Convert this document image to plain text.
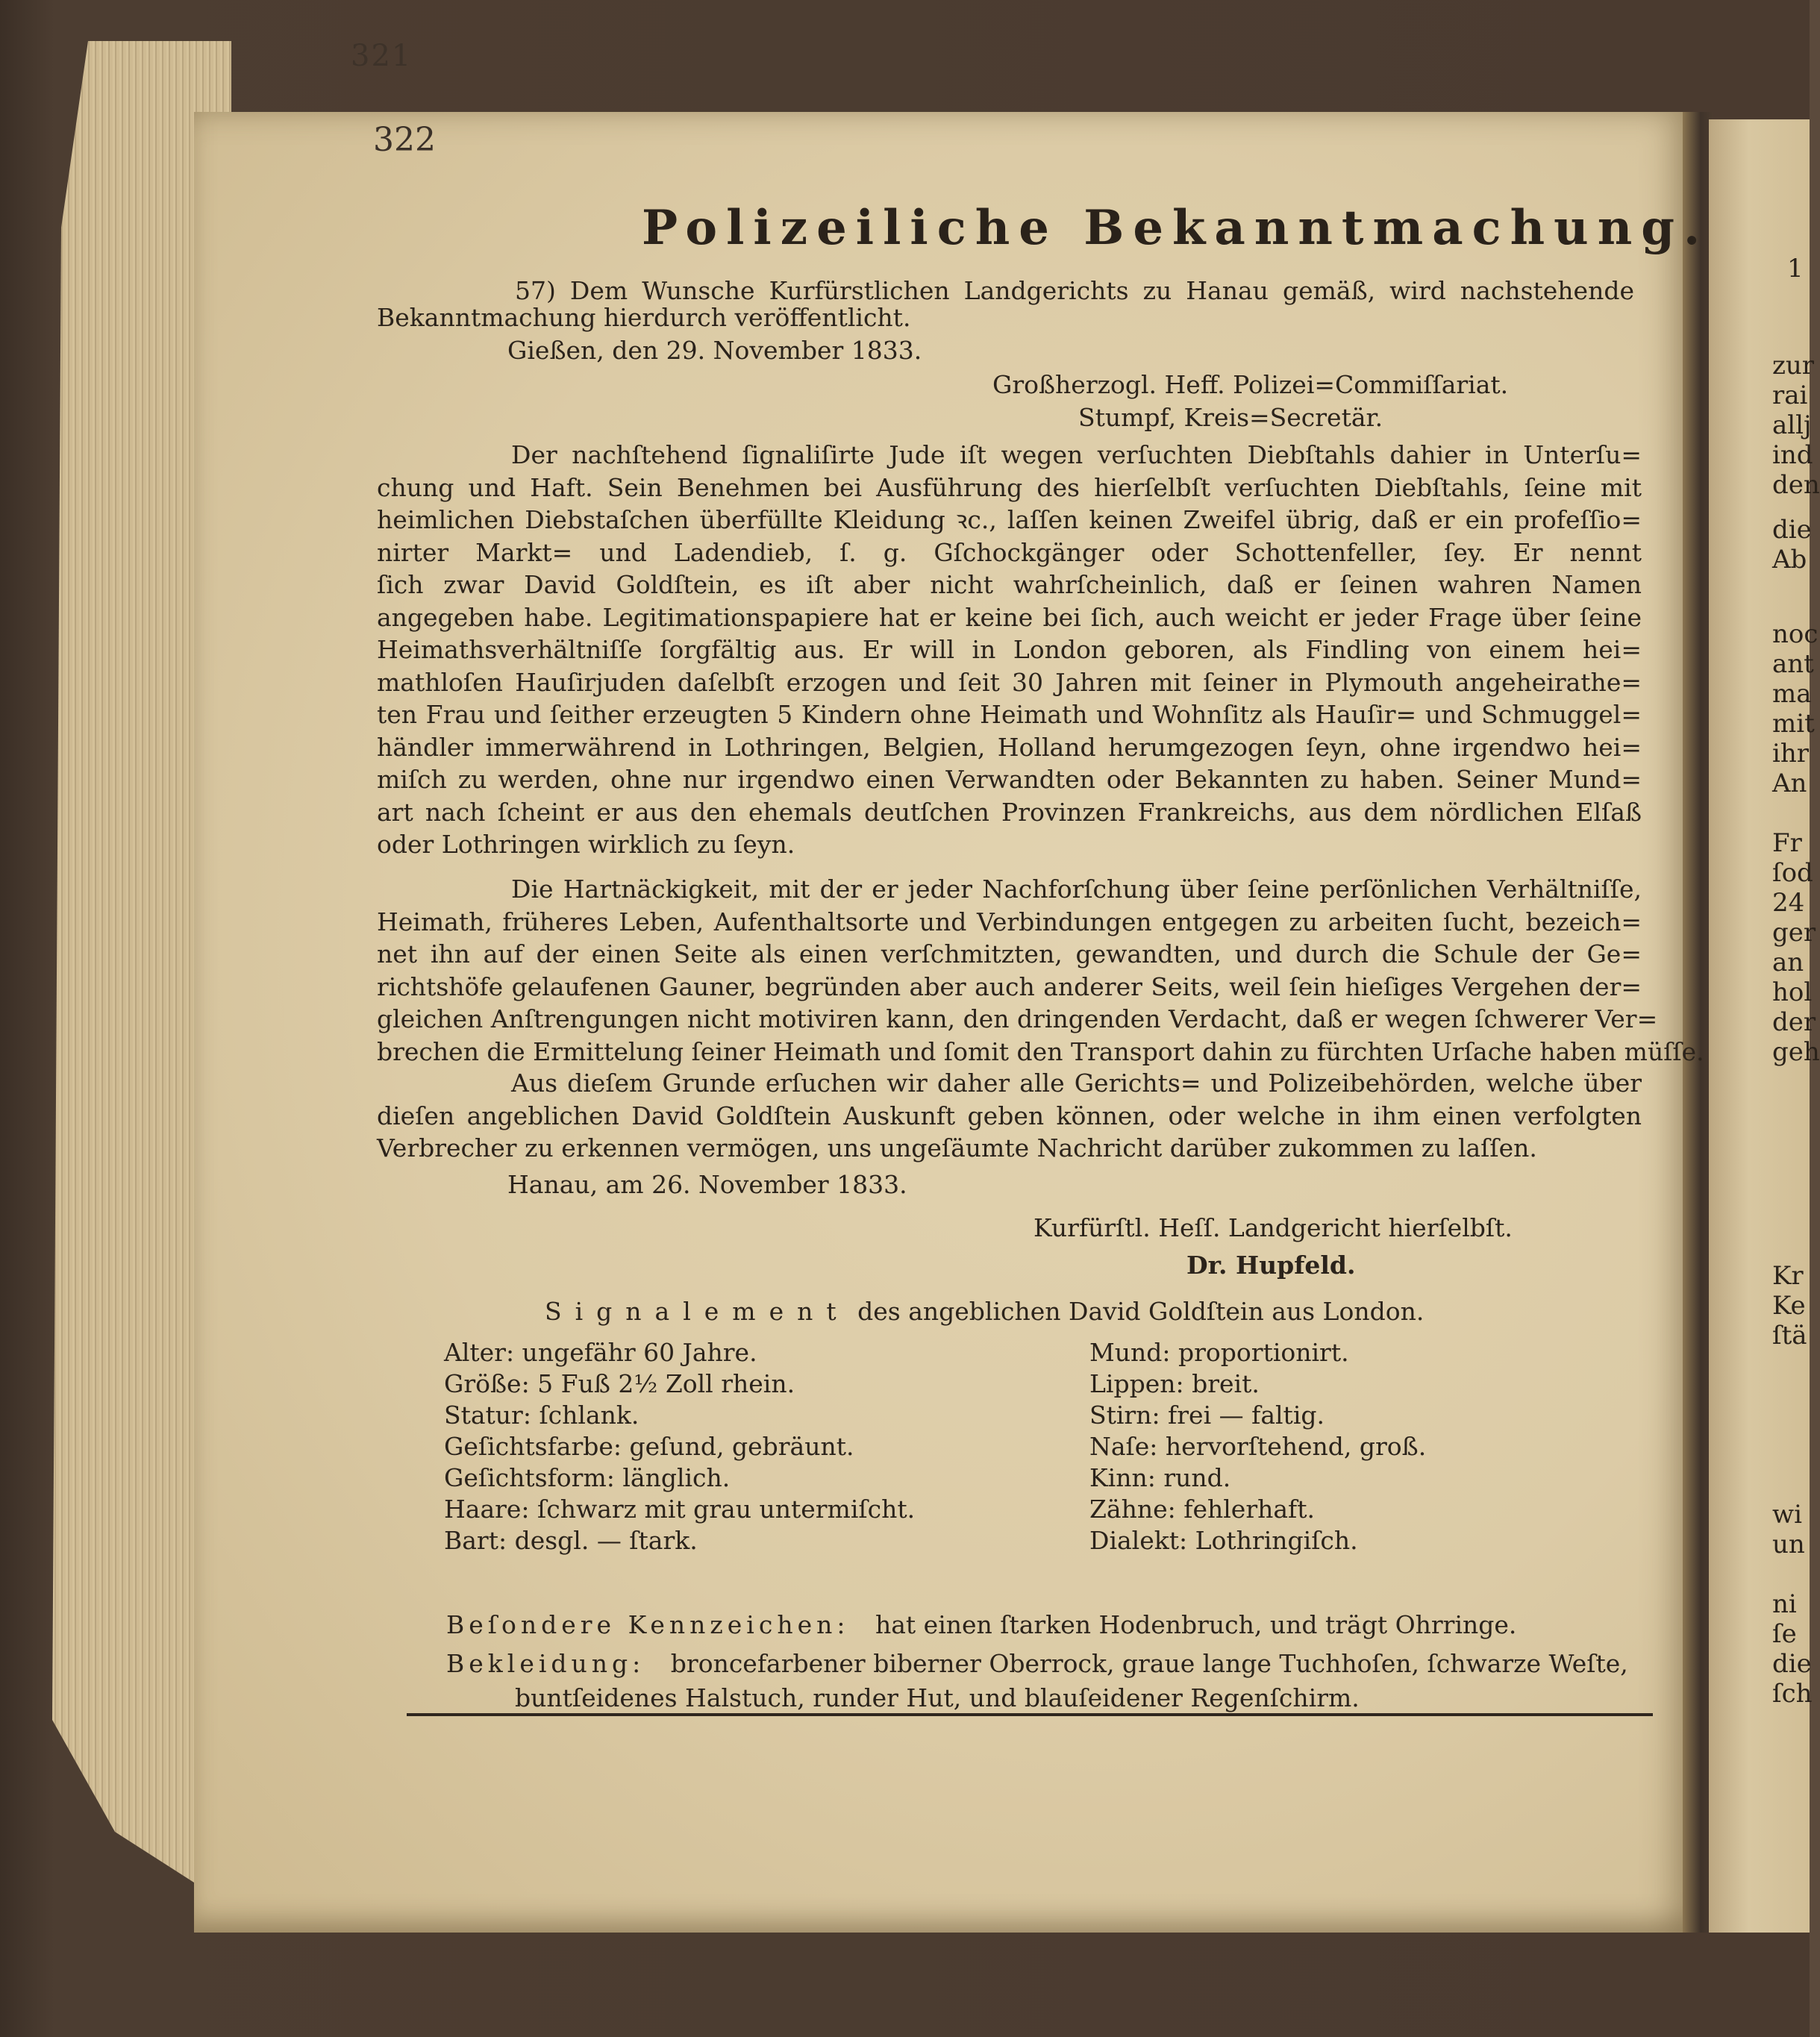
321
322
Polizeiliche Bekanntmachung.
57) Dem Wunsche Kurfürstlichen Landgerichts zu Hanau gemäß, wird nachstehende
Bekanntmachung hierdurch veröffentlicht.
Gießen, den 29. November 1833.
Großherzogl. Heff. Polizei=Commiſſariat.
Stumpf, Kreis=Secretär.
Der nachſtehend ſignaliſirte Jude iſt wegen verſuchten Diebſtahls dahier in Unterſu=
chung und Haft. Sein Benehmen bei Ausführung des hierſelbſt verſuchten Diebſtahls, ſeine mit
heimlichen Diebstaſchen überfüllte Kleidung ꝛc., laſſen keinen Zweifel übrig, daß er ein profeſſio=
nirter Markt= und Ladendieb, ſ. g. Gſchockgänger oder Schottenfeller, ſey. Er nennt
ſich zwar David Goldſtein, es iſt aber nicht wahrſcheinlich, daß er ſeinen wahren Namen
angegeben habe. Legitimationspapiere hat er keine bei ſich, auch weicht er jeder Frage über ſeine
Heimathsverhältniſſe ſorgfältig aus. Er will in London geboren, als Findling von einem hei=
mathloſen Hauſirjuden daſelbſt erzogen und ſeit 30 Jahren mit ſeiner in Plymouth angeheirathe=
ten Frau und ſeither erzeugten 5 Kindern ohne Heimath und Wohnſitz als Hauſir= und Schmuggel=
händler immerwährend in Lothringen, Belgien, Holland herumgezogen ſeyn, ohne irgendwo hei=
miſch zu werden, ohne nur irgendwo einen Verwandten oder Bekannten zu haben. Seiner Mund=
art nach ſcheint er aus den ehemals deutſchen Provinzen Frankreichs, aus dem nördlichen Elſaß
oder Lothringen wirklich zu ſeyn.
Die Hartnäckigkeit, mit der er jeder Nachforſchung über ſeine perſönlichen Verhältniſſe,
Heimath, früheres Leben, Aufenthaltsorte und Verbindungen entgegen zu arbeiten ſucht, bezeich=
net ihn auf der einen Seite als einen verſchmitzten, gewandten, und durch die Schule der Ge=
richtshöfe gelaufenen Gauner, begründen aber auch anderer Seits, weil ſein hieſiges Vergehen der=
gleichen Anſtrengungen nicht motiviren kann, den dringenden Verdacht, daß er wegen ſchwerer Ver=
brechen die Ermittelung ſeiner Heimath und ſomit den Transport dahin zu fürchten Urſache haben müſſe.
Aus dieſem Grunde erſuchen wir daher alle Gerichts= und Polizeibehörden, welche über
dieſen angeblichen David Goldſtein Auskunft geben können, oder welche in ihm einen verfolgten
Verbrecher zu erkennen vermögen, uns ungeſäumte Nachricht darüber zukommen zu laſſen.
Hanau, am 26. November 1833.
Kurfürſtl. Heſſ. Landgericht hierſelbſt.
Dr. Hupfeld.
Signalement des angeblichen David Goldſtein aus London.
Alter: ungefähr 60 Jahre.
Größe: 5 Fuß 2½ Zoll rhein.
Statur: ſchlank.
Geſichtsfarbe: geſund, gebräunt.
Geſichtsform: länglich.
Haare: ſchwarz mit grau untermiſcht.
Bart: desgl. — ſtark.
Mund: proportionirt.
Lippen: breit.
Stirn: frei — faltig.
Naſe: hervorſtehend, groß.
Kinn: rund.
Zähne: fehlerhaft.
Dialekt: Lothringiſch.
Beſondere Kennzeichen: hat einen ſtarken Hodenbruch, und trägt Ohrringe.
Bekleidung: broncefarbener biberner Oberrock, graue lange Tuchhoſen, ſchwarze Weſte,
buntſeidenes Halstuch, runder Hut, und blauſeidener Regenſchirm.
1
zur
rai
allj
ind
den
die
Ab
noc
ant
ma
mit
ihr
An
Fr
ſod
24
ger
an
hol
der
geh
Kr
Ke
ſtä
wi
un
ni
ſe
die
ſch
